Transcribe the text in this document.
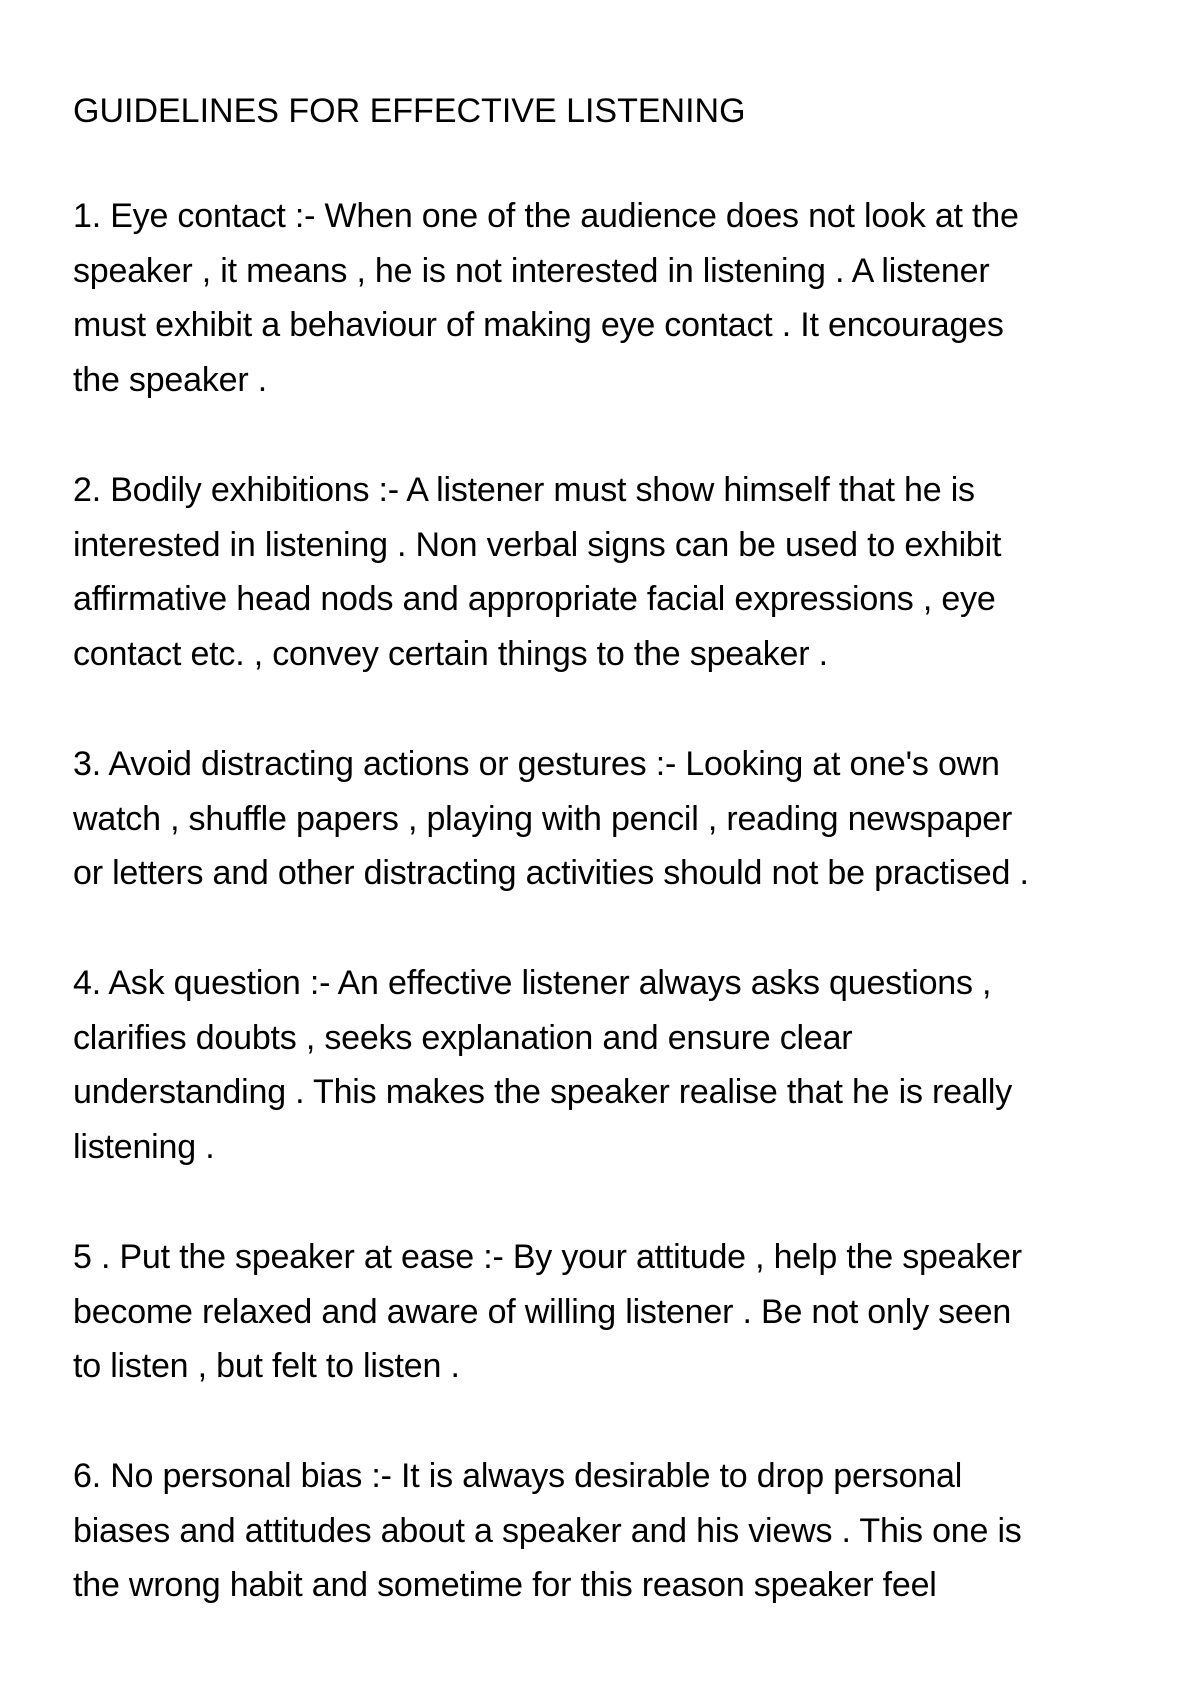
GUIDELINES FOR EFFECTIVE LISTENING
1. Eye contact :- When one of the audience does not look at the
speaker , it means , he is not interested in listening . A listener
must exhibit a behaviour of making eye contact . It encourages
the speaker .
2. Bodily exhibitions :- A listener must show himself that he is
interested in listening . Non verbal signs can be used to exhibit
affirmative head nods and appropriate facial expressions , eye
contact etc. , convey certain things to the speaker .
3. Avoid distracting actions or gestures :- Looking at one's own
watch , shuffle papers , playing with pencil , reading newspaper
or letters and other distracting activities should not be practised .
4. Ask question :- An effective listener always asks questions ,
clarifies doubts , seeks explanation and ensure clear
understanding . This makes the speaker realise that he is really
listening .
5 . Put the speaker at ease :- By your attitude , help the speaker
become relaxed and aware of willing listener . Be not only seen
to listen , but felt to listen .
6. No personal bias :- It is always desirable to drop personal
biases and attitudes about a speaker and his views . This one is
the wrong habit and sometime for this reason speaker feel
